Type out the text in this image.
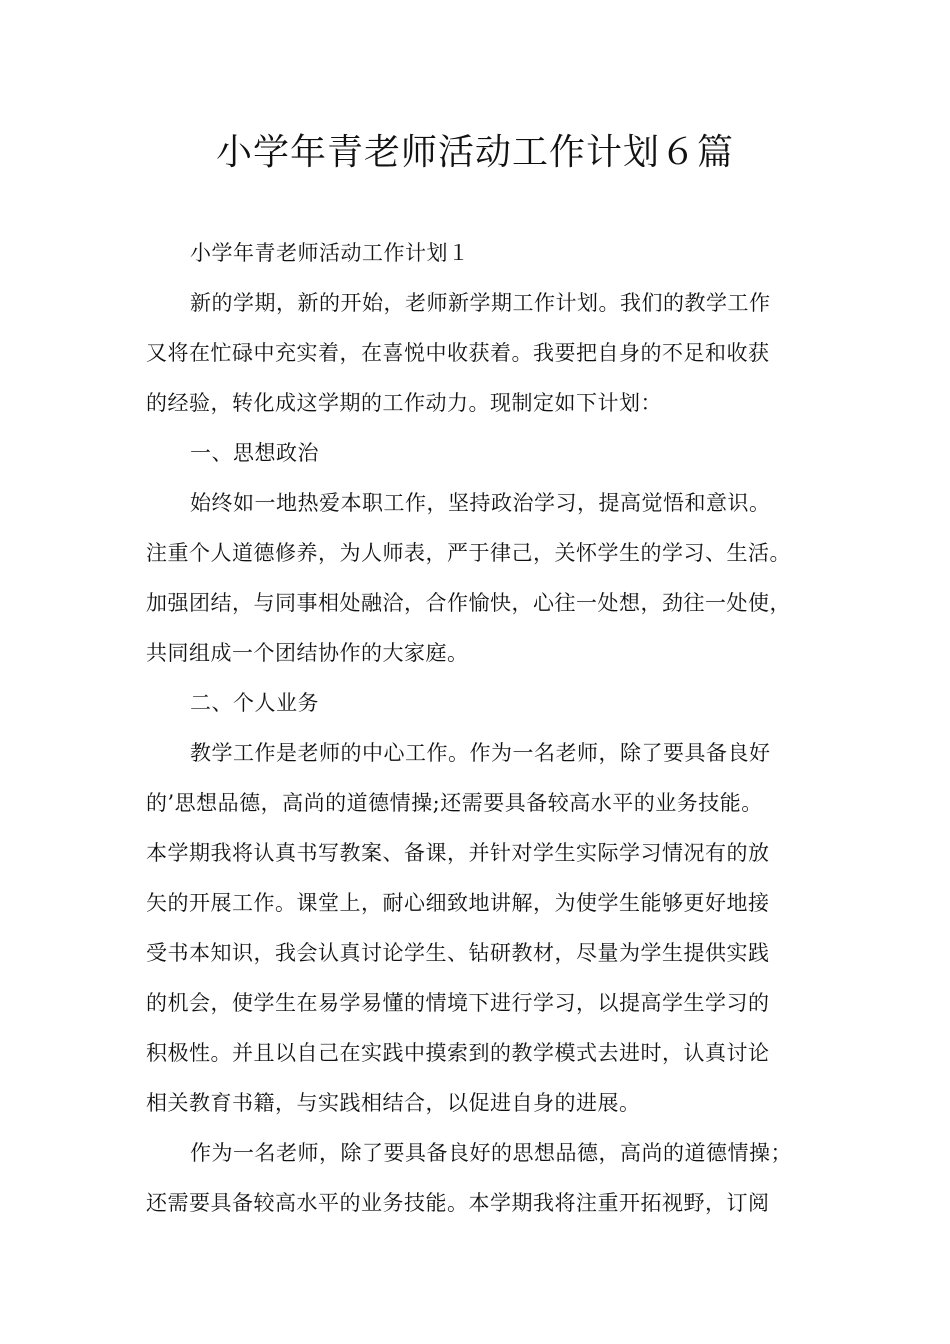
小学年青老师活动工作计划６篇
小学年青老师活动工作计划１
新的学期，新的开始，老师新学期工作计划。我们的教学工作
又将在忙碌中充实着，在喜悦中收获着。我要把自身的不足和收获
的经验，转化成这学期的工作动力。现制定如下计划：
一、思想政治
始终如一地热爱本职工作，坚持政治学习，提高觉悟和意识。
注重个人道德修养，为人师表，严于律己，关怀学生的学习、生活。
加强团结，与同事相处融洽，合作愉快，心往一处想，劲往一处使，
共同组成一个团结协作的大家庭。
二、个人业务
教学工作是老师的中心工作。作为一名老师，除了要具备良好
的’思想品德，高尚的道德情操;还需要具备较高水平的业务技能。
本学期我将认真书写教案、备课，并针对学生实际学习情况有的放
矢的开展工作。课堂上，耐心细致地讲解，为使学生能够更好地接
受书本知识，我会认真讨论学生、钻研教材，尽量为学生提供实践
的机会，使学生在易学易懂的情境下进行学习，以提高学生学习的
积极性。并且以自己在实践中摸索到的教学模式去进时，认真讨论
相关教育书籍，与实践相结合，以促进自身的进展。
作为一名老师，除了要具备良好的思想品德，高尚的道德情操；
还需要具备较高水平的业务技能。本学期我将注重开拓视野，订阅
